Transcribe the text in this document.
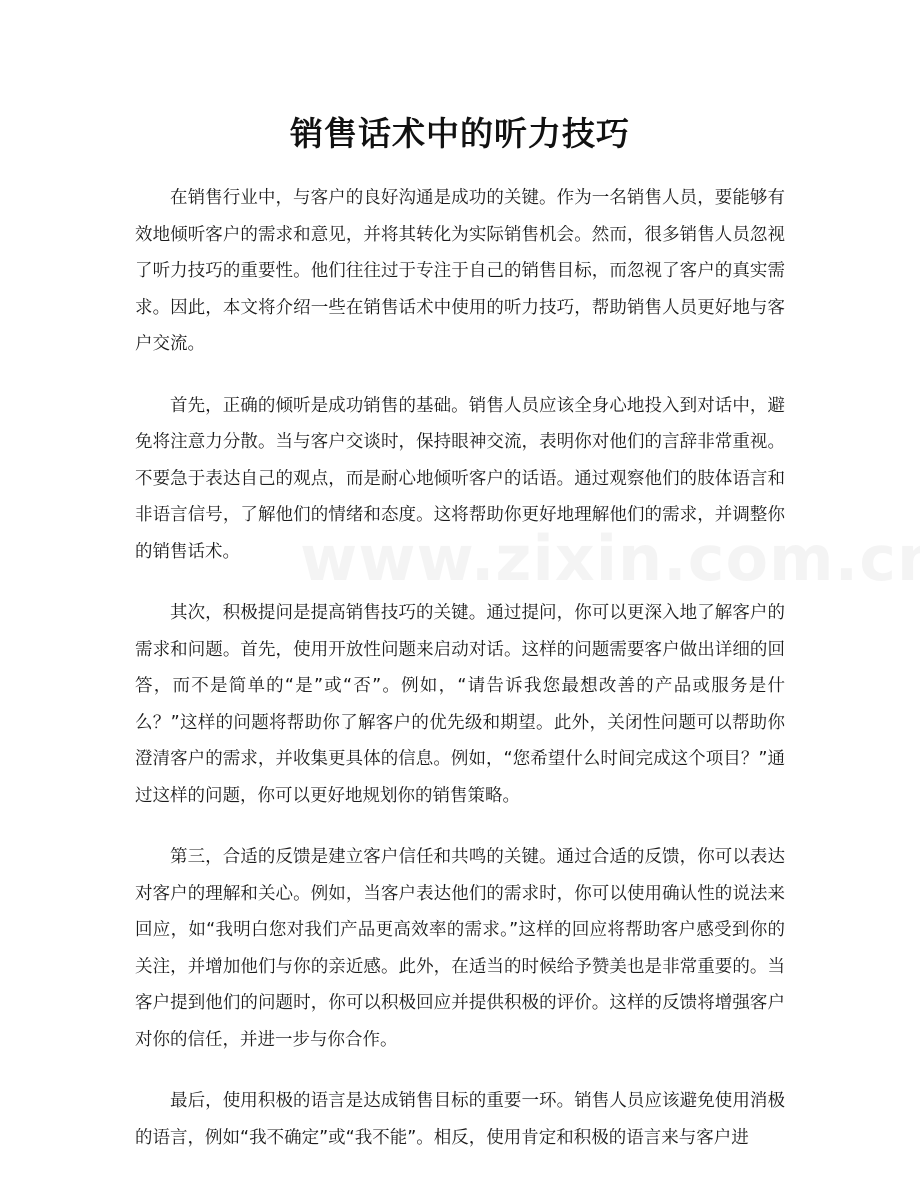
销售话术中的听力技巧

在销售行业中，与客户的良好沟通是成功的关键。作为一名销售人员，要能够有效地倾听客户的需求和意见，并将其转化为实际销售机会。然而，很多销售人员忽视了听力技巧的重要性。他们往往过于专注于自己的销售目标，而忽视了客户的真实需求。因此，本文将介绍一些在销售话术中使用的听力技巧，帮助销售人员更好地与客户交流。

首先，正确的倾听是成功销售的基础。销售人员应该全身心地投入到对话中，避免将注意力分散。当与客户交谈时，保持眼神交流，表明你对他们的言辞非常重视。不要急于表达自己的观点，而是耐心地倾听客户的话语。通过观察他们的肢体语言和非语言信号，了解他们的情绪和态度。这将帮助你更好地理解他们的需求，并调整你的销售话术。

其次，积极提问是提高销售技巧的关键。通过提问，你可以更深入地了解客户的需求和问题。首先，使用开放性问题来启动对话。这样的问题需要客户做出详细的回答，而不是简单的“是”或“否”。例如，“请告诉我您最想改善的产品或服务是什么？”这样的问题将帮助你了解客户的优先级和期望。此外，关闭性问题可以帮助你澄清客户的需求，并收集更具体的信息。例如，“您希望什么时间完成这个项目？”通过这样的问题，你可以更好地规划你的销售策略。

第三，合适的反馈是建立客户信任和共鸣的关键。通过合适的反馈，你可以表达对客户的理解和关心。例如，当客户表达他们的需求时，你可以使用确认性的说法来回应，如“我明白您对我们产品更高效率的需求。”这样的回应将帮助客户感受到你的关注，并增加他们与你的亲近感。此外，在适当的时候给予赞美也是非常重要的。当客户提到他们的问题时，你可以积极回应并提供积极的评价。这样的反馈将增强客户对你的信任，并进一步与你合作。

最后，使用积极的语言是达成销售目标的重要一环。销售人员应该避免使用消极的语言，例如“我不确定”或“我不能”。相反，使用肯定和积极的语言来与客户进
